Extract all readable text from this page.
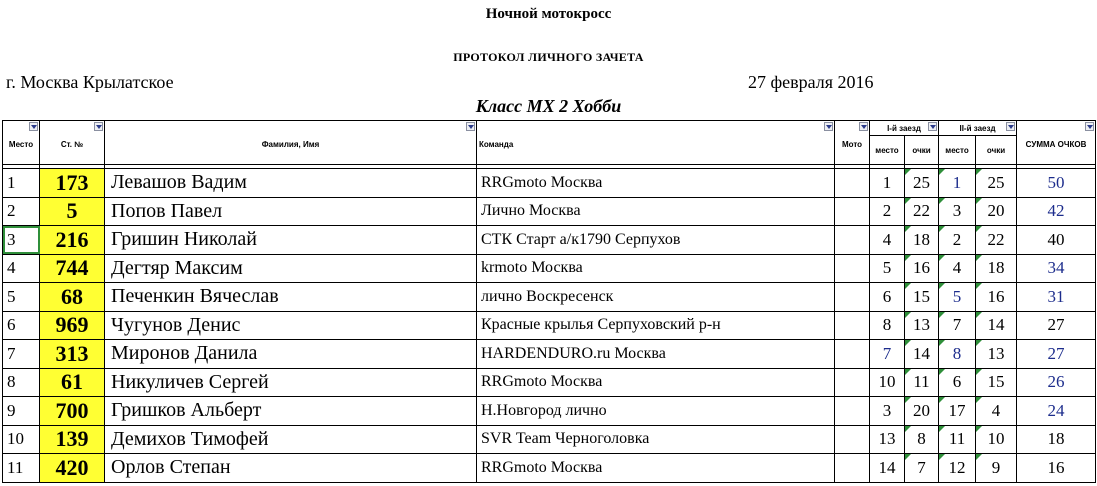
Ночной мотокросс
ПРОТОКОЛ ЛИЧНОГО ЗАЧЕТА
г. Москва Крылатское	27 февраля 2016
Класс МХ 2 Хобби
Место	Ст. №	Фамилия, Имя	Команда	Мото	I-й заезд		II-й заезд		СУММА ОЧКОВ

					место	очки	место	очки	

1	173	Левашов Вадим	RRGmoto Москва		1	25	1	25	50
2	5	Попов Павел	Лично Москва		2	22	3	20	42
3	216	Гришин Николай	СТК Старт а/к1790 Серпухов		4	18	2	22	40
4	744	Дегтяр Максим	krmoto Москва		5	16	4	18	34
5	68	Печенкин Вячеслав	лично Воскресенск		6	15	5	16	31
6	969	Чугунов Денис	Красные крылья Серпуховский р-н		8	13	7	14	27
7	313	Миронов Данила	HARDENDURO.ru Москва		7	14	8	13	27
8	61	Никуличев Сергей	RRGmoto Москва		10	11	6	15	26
9	700	Гришков Альберт	Н.Новгород лично		3	20	17	4	24
10	139	Демихов Тимофей	SVR Team Черноголовка		13	8	11	10	18
11	420	Орлов Степан	RRGmoto Москва		14	7	12	9	16
